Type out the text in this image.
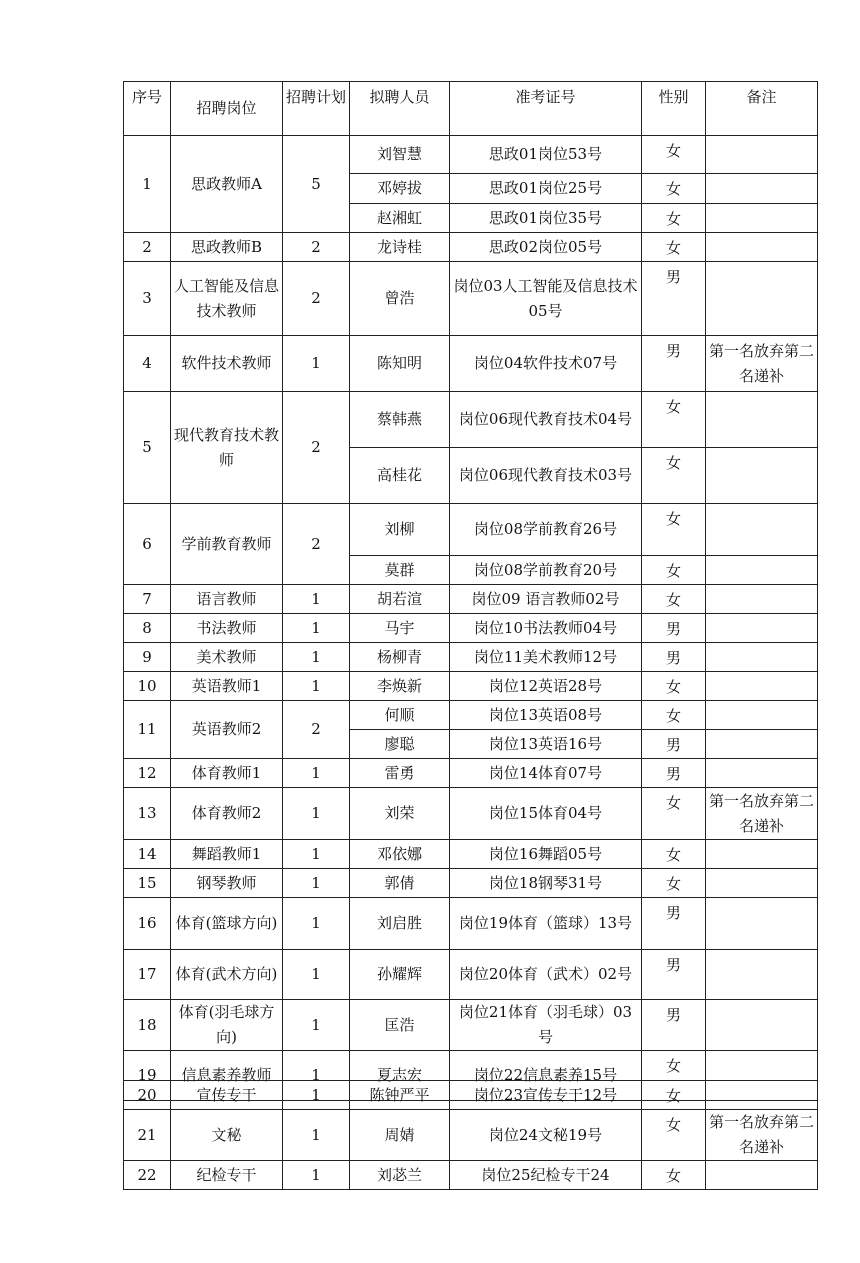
序号	招聘岗位	招聘计划	拟聘人员	准考证号	性别	备注
1	思政教师A	5	刘智慧	思政01岗位53号	女	
			邓婷拔	思政01岗位25号	女	
			赵湘虹	思政01岗位35号	女	
2	思政教师B	2	龙诗桂	思政02岗位05号	女	
3	人工智能及信息技术教师	2	曾浩	岗位03人工智能及信息技术05号	男	
4	软件技术教师	1	陈知明	岗位04软件技术07号	男	第一名放弃第二名递补
5	现代教育技术教师	2	蔡韩燕	岗位06现代教育技术04号	女	
			高桂花	岗位06现代教育技术03号	女	
6	学前教育教师	2	刘柳	岗位08学前教育26号	女	
			莫群	岗位08学前教育20号	女	
7	语言教师	1	胡若渲	岗位09 语言教师02号	女	
8	书法教师	1	马宇	岗位10书法教师04号	男	
9	美术教师	1	杨柳青	岗位11美术教师12号	男	
10	英语教师1	1	李焕新	岗位12英语28号	女	
11	英语教师2	2	何顺	岗位13英语08号	女	
			廖聪	岗位13英语16号	男	
12	体育教师1	1	雷勇	岗位14体育07号	男	
13	体育教师2	1	刘荣	岗位15体育04号	女	第一名放弃第二名递补
14	舞蹈教师1	1	邓依娜	岗位16舞蹈05号	女	
15	钢琴教师	1	郭倩	岗位18钢琴31号	女	
16	体育(篮球方向)	1	刘启胜	岗位19体育（篮球）13号	男	
17	体育(武术方向)	1	孙耀辉	岗位20体育（武术）02号	男	
18	体育(羽毛球方向)	1	匡浩	岗位21体育（羽毛球）03号	男	
19	信息素养教师	1	夏志宏	岗位22信息素养15号	女	
20	宣传专干	1	陈钟严平	岗位23宣传专干12号	女	
21	文秘	1	周婧	岗位24文秘19号	女	第一名放弃第二名递补
22	纪检专干	1	刘苾兰	岗位25纪检专干24	女	
